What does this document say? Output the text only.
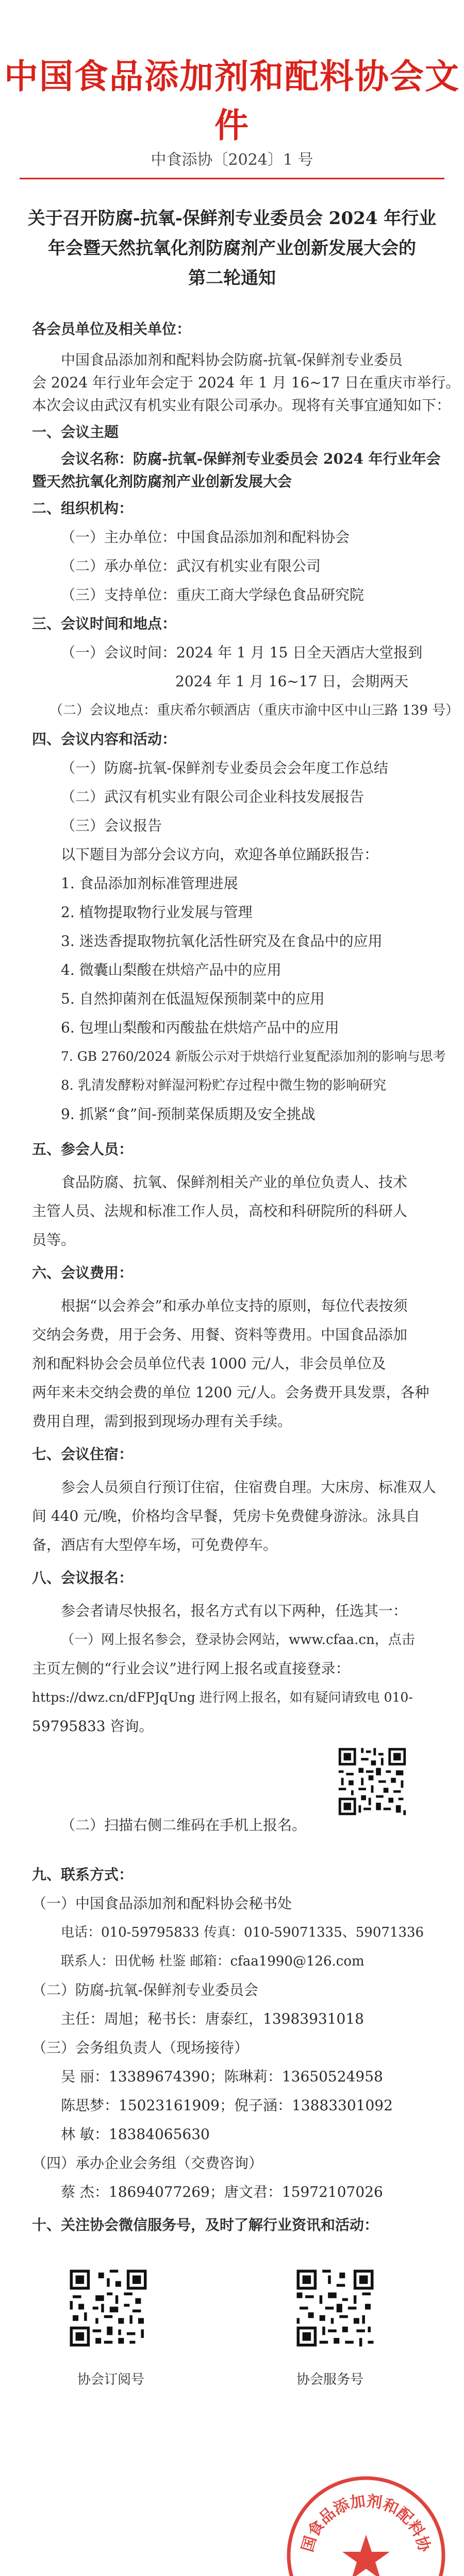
中国食品添加剂和配料协会文件
中食添协〔2024〕1 号
关于召开防腐-抗氧-保鲜剂专业委员会 2024 年行业
年会暨天然抗氧化剂防腐剂产业创新发展大会的
第二轮通知
各会员单位及相关单位：
中国食品添加剂和配料协会防腐-抗氧-保鲜剂专业委员
会 2024 年行业年会定于 2024 年 1 月 16~17 日在重庆市举行。
本次会议由武汉有机实业有限公司承办。现将有关事宜通知如下：
一、会议主题
会议名称：防腐-抗氧-保鲜剂专业委员会 2024 年行业年会
暨天然抗氧化剂防腐剂产业创新发展大会
二、组织机构：
（一）主办单位：中国食品添加剂和配料协会
（二）承办单位：武汉有机实业有限公司
（三）支持单位：重庆工商大学绿色食品研究院
三、会议时间和地点：
（一）会议时间：2024 年 1 月 15 日全天酒店大堂报到
2024 年 1 月 16~17 日，会期两天
（二）会议地点：重庆希尔顿酒店（重庆市渝中区中山三路 139 号）
四、会议内容和活动：
（一）防腐-抗氧-保鲜剂专业委员会会年度工作总结
（二）武汉有机实业有限公司企业科技发展报告
（三）会议报告
以下题目为部分会议方向，欢迎各单位踊跃报告：
1. 食品添加剂标准管理进展
2. 植物提取物行业发展与管理
3. 迷迭香提取物抗氧化活性研究及在食品中的应用
4. 微囊山梨酸在烘焙产品中的应用
5. 自然抑菌剂在低温短保预制菜中的应用
6. 包埋山梨酸和丙酸盐在烘焙产品中的应用
7. GB 2760/2024 新版公示对于烘焙行业复配添加剂的影响与思考
8. 乳清发酵粉对鲜湿河粉贮存过程中微生物的影响研究
9. 抓紧“食”间-预制菜保质期及安全挑战
五、参会人员：
食品防腐、抗氧、保鲜剂相关产业的单位负责人、技术
主管人员、法规和标准工作人员，高校和科研院所的科研人
员等。
六、会议费用：
根据“以会养会”和承办单位支持的原则，每位代表按须
交纳会务费，用于会务、用餐、资料等费用。中国食品添加
剂和配料协会会员单位代表 1000 元/人，非会员单位及
两年来未交纳会费的单位 1200 元/人。会务费开具发票，各种
费用自理，需到报到现场办理有关手续。
七、会议住宿：
参会人员须自行预订住宿，住宿费自理。大床房、标准双人
间 440 元/晚，价格均含早餐，凭房卡免费健身游泳。泳具自
备，酒店有大型停车场，可免费停车。
八、会议报名：
参会者请尽快报名，报名方式有以下两种，任选其一：
（一）网上报名参会，登录协会网站，www.cfaa.cn，点击
主页左侧的“行业会议”进行网上报名或直接登录：
https://dwz.cn/dFPJqUng 进行网上报名，如有疑问请致电 010-
59795833 咨询。
（二）扫描右侧二维码在手机上报名。
九、联系方式：
（一）中国食品添加剂和配料协会秘书处
电话：010-59795833 传真：010-59071335、59071336
联系人：田优畅 杜鉴 邮箱：cfaa1990@126.com
（二）防腐-抗氧-保鲜剂专业委员会
主任：周旭；秘书长：唐泰红，13983931018
（三）会务组负责人（现场接待）
吴 丽：13389674390；陈琳莉：13650524958
陈思梦：15023161909；倪子涵：13883301092
林 敏：18384065630
（四）承办企业会务组（交费咨询）
蔡 杰：18694077269；唐文君：15972107026
十、关注协会微信服务号，及时了解行业资讯和活动：
协会订阅号	协会服务号
国食品添加剂和配料协
